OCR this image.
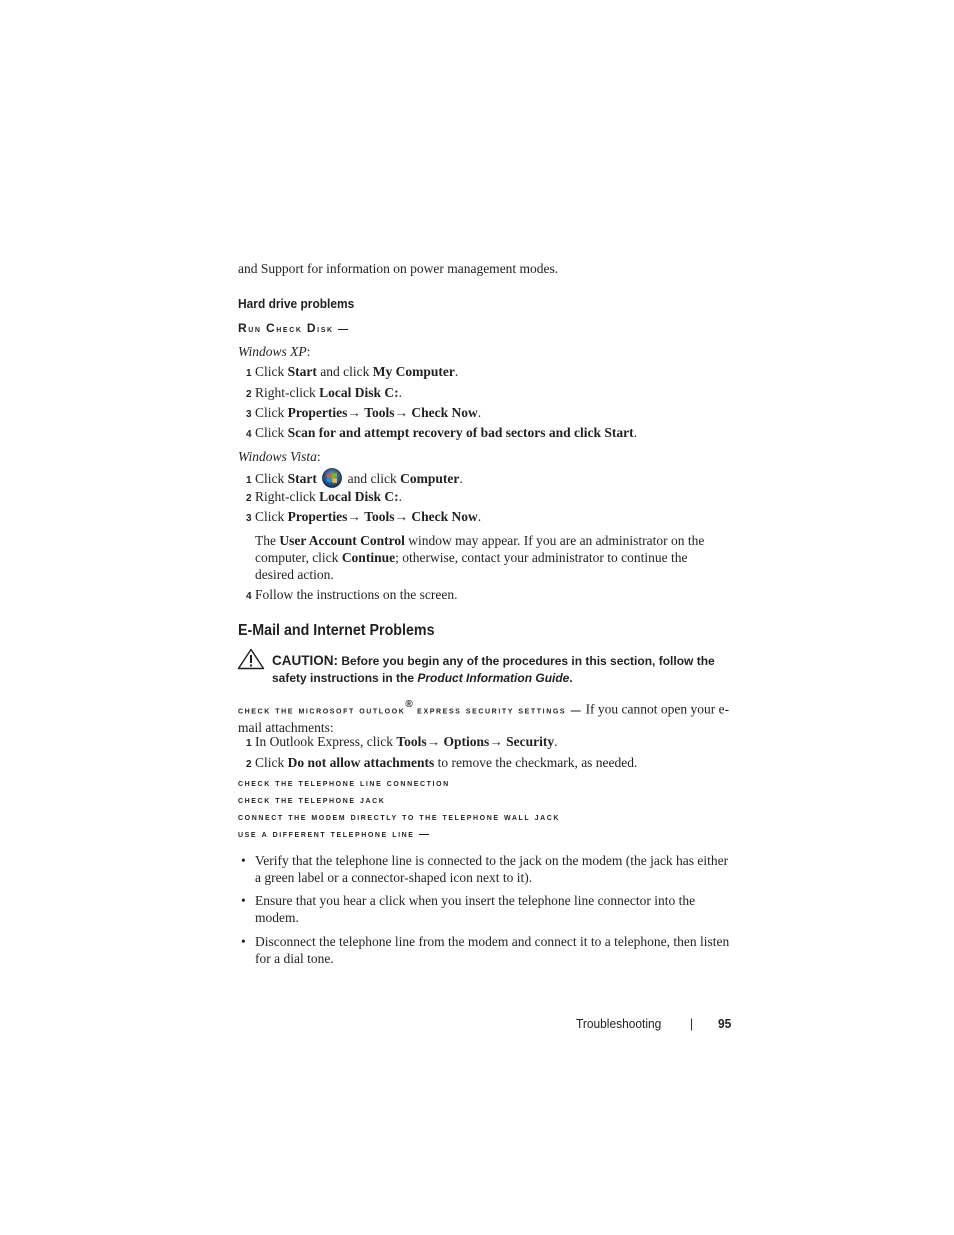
and Support for information on power management modes.
Hard drive problems
Run Check Disk —
Windows XP:
1 Click Start and click My Computer.
2 Right-click Local Disk C:.
3 Click Properties→ Tools→ Check Now.
4 Click Scan for and attempt recovery of bad sectors and click Start.
Windows Vista:
1 Click Start  and click Computer.
2 Right-click Local Disk C:.
3 Click Properties→ Tools→ Check Now.
The User Account Control window may appear. If you are an administrator on the computer, click Continue; otherwise, contact your administrator to continue the desired action.
4 Follow the instructions on the screen.
E-Mail and Internet Problems
CAUTION: Before you begin any of the procedures in this section, follow the safety instructions in the Product Information Guide.
check the microsoft outlook® express security settings — If you cannot open your e-mail attachments:
1 In Outlook Express, click Tools→ Options→ Security.
2 Click Do not allow attachments to remove the checkmark, as needed.
check the telephone line connection
check the telephone jack
connect the modem directly to the telephone wall jack
use a different telephone line —
• Verify that the telephone line is connected to the jack on the modem (the jack has either a green label or a connector-shaped icon next to it).
• Ensure that you hear a click when you insert the telephone line connector into the modem.
• Disconnect the telephone line from the modem and connect it to a telephone, then listen for a dial tone.
Troubleshooting | 95
